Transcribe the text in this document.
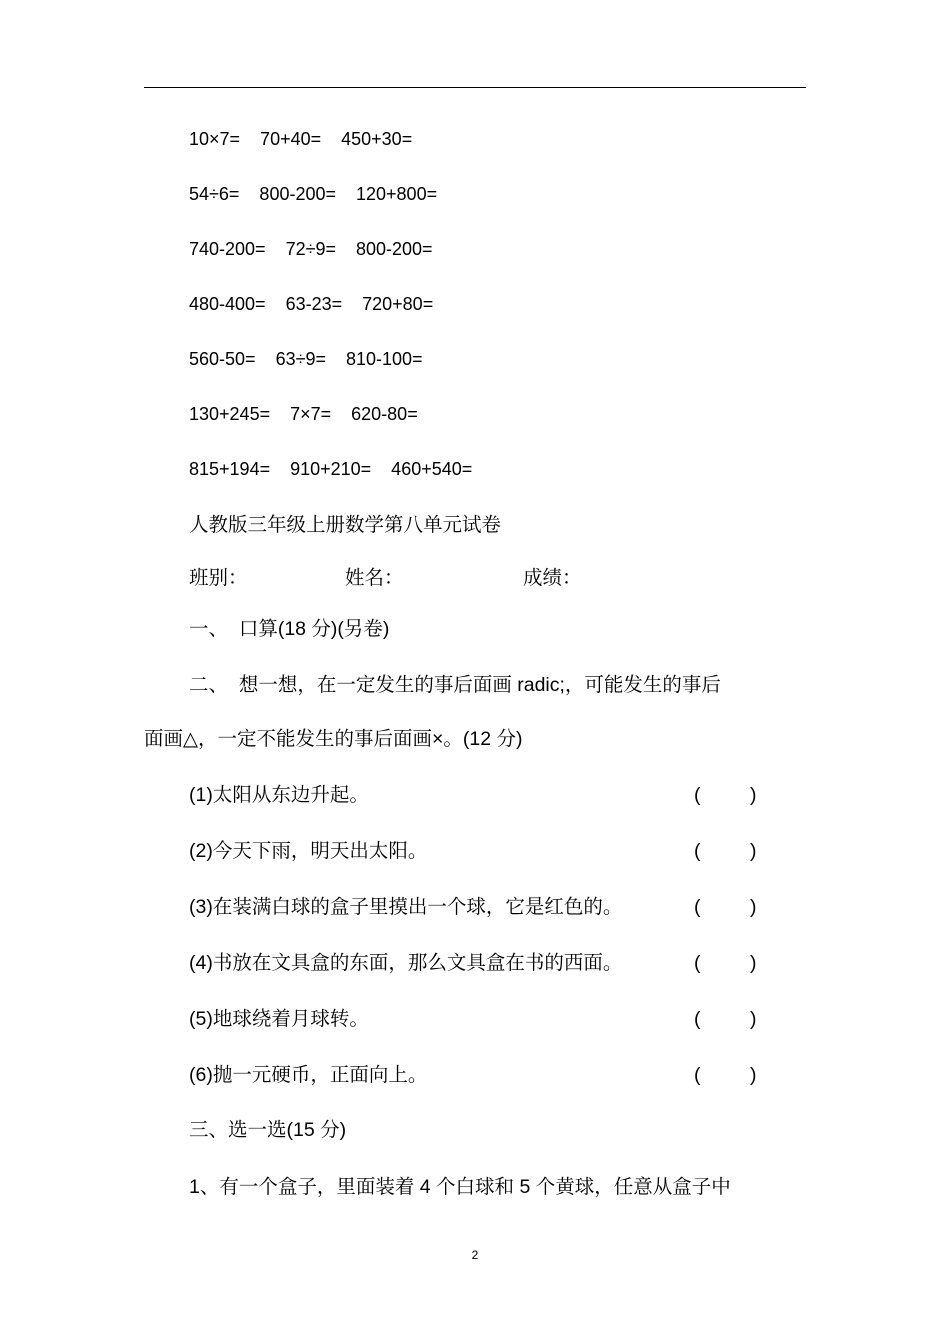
10×7=    70+40=    450+30=
54÷6=    800-200=    120+800=
740-200=    72÷9=    800-200=
480-400=    63-23=    720+80=
560-50=    63÷9=    810-100=
130+245=    7×7=    620-80=
815+194=    910+210=    460+540=
人教版三年级上册数学第八单元试卷
班别：	姓名：	成绩：
一、  口算(18 分)(另卷)
二、  想一想，在一定发生的事后面画 radic;，可能发生的事后
面画△，一定不能发生的事后面画×。(12 分)
(1)太阳从东边升起。	(	)
(2)今天下雨，明天出太阳。	(	)
(3)在装满白球的盒子里摸出一个球，它是红色的。	(	)
(4)书放在文具盒的东面，那么文具盒在书的西面。	(	)
(5)地球绕着月球转。	(	)
(6)抛一元硬币，正面向上。	(	)
三、选一选(15 分)
1、有一个盒子，里面装着 4 个白球和 5 个黄球，任意从盒子中
2
